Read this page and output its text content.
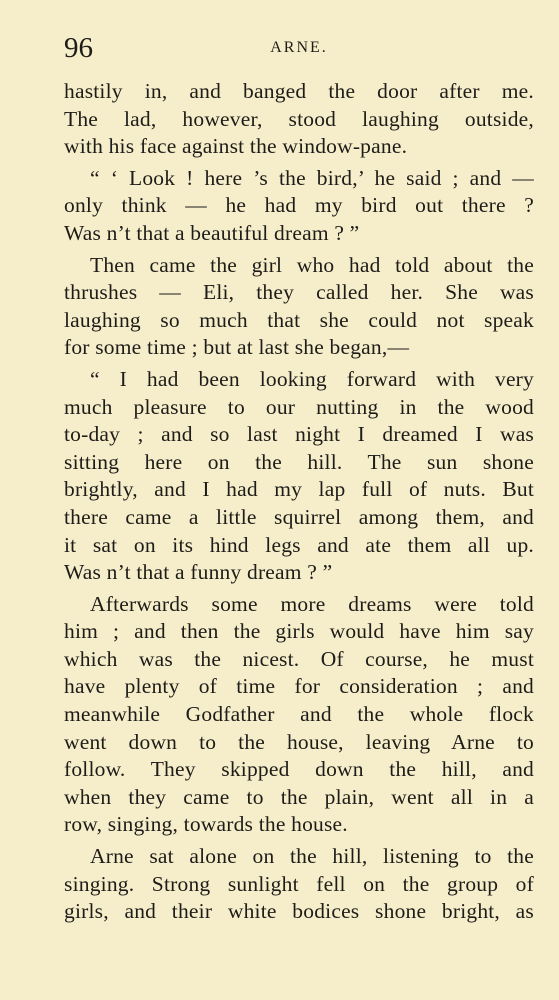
96	ARNE.
hastily in, and banged the door after me.
The lad, however, stood laughing outside,
with his face against the window-pane.
“ ‘ Look ! here ’s the bird,’ he said ; and —
only think — he had my bird out there ?
Was n’t that a beautiful dream ? ”
Then came the girl who had told about the
thrushes — Eli, they called her. She was
laughing so much that she could not speak
for some time ; but at last she began,—
“ I had been looking forward with very
much pleasure to our nutting in the wood
to-day ; and so last night I dreamed I was
sitting here on the hill. The sun shone
brightly, and I had my lap full of nuts. But
there came a little squirrel among them, and
it sat on its hind legs and ate them all up.
Was n’t that a funny dream ? ”
Afterwards some more dreams were told
him ; and then the girls would have him say
which was the nicest. Of course, he must
have plenty of time for consideration ; and
meanwhile Godfather and the whole flock
went down to the house, leaving Arne to
follow. They skipped down the hill, and
when they came to the plain, went all in a
row, singing, towards the house.
Arne sat alone on the hill, listening to the
singing. Strong sunlight fell on the group of
girls, and their white bodices shone bright, as
